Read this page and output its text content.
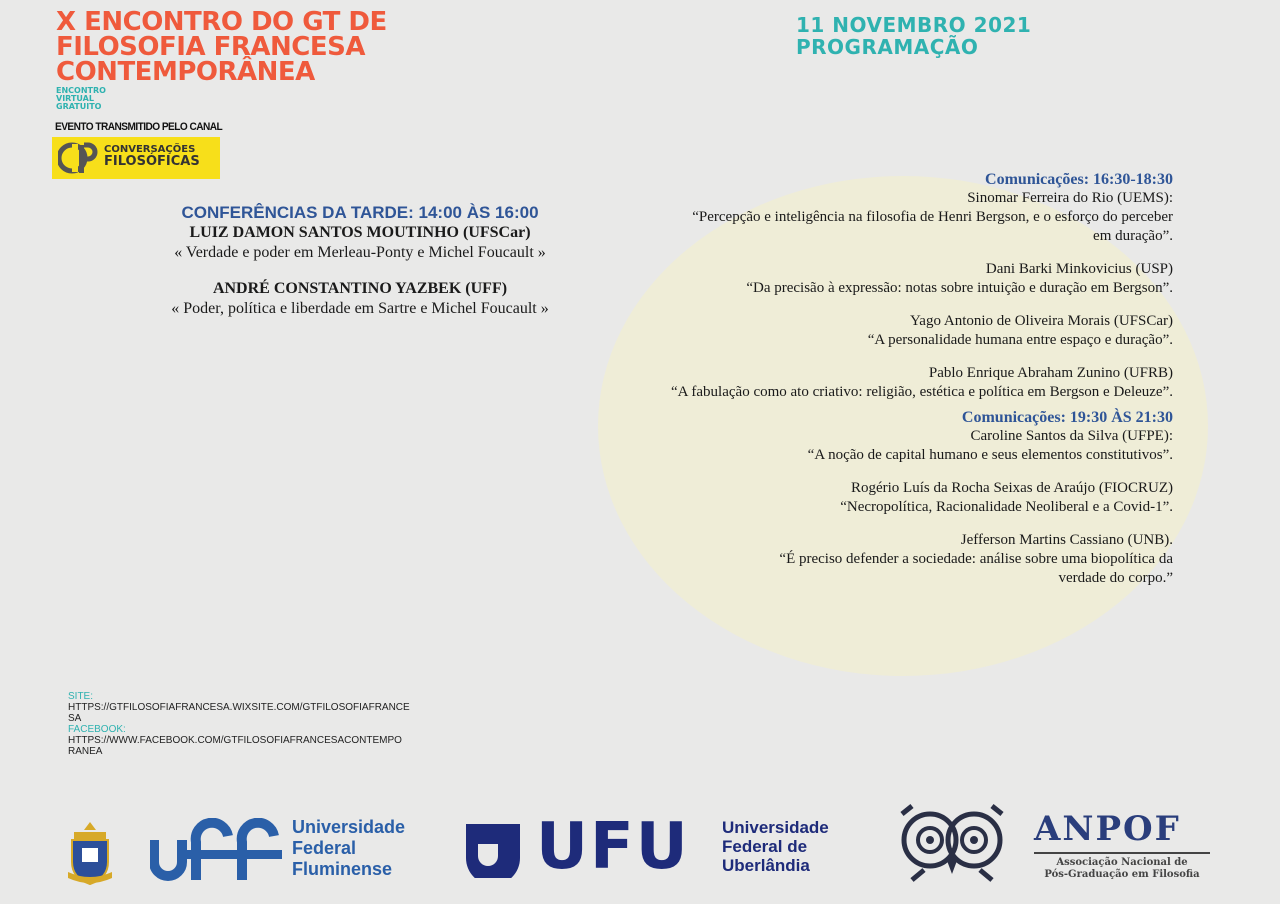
X ENCONTRO DO GT DE
FILOSOFIA FRANCESA
CONTEMPORÂNEA
ENCONTRO
VIRTUAL
GRATUITO
EVENTO TRANSMITIDO PELO CANAL
CONVERSAÇÕES
FILOSÓFICAS
11 NOVEMBRO 2021
PROGRAMAÇÃO
CONFERÊNCIAS DA TARDE: 14:00 ÀS 16:00
LUIZ DAMON SANTOS MOUTINHO (UFSCar)
« Verdade e poder em Merleau-Ponty e Michel Foucault »
ANDRÉ CONSTANTINO YAZBEK (UFF)
« Poder, política e liberdade em Sartre e Michel Foucault »
Comunicações: 16:30-18:30
Sinomar Ferreira do Rio (UEMS):
“Percepção e inteligência na filosofia de Henri Bergson, e o esforço do perceber em duração”.
Dani Barki Minkovicius (USP)
“Da precisão à expressão: notas sobre intuição e duração em Bergson”.
Yago Antonio de Oliveira Morais (UFSCar)
“A personalidade humana entre espaço e duração”.
Pablo Enrique Abraham Zunino (UFRB)
“A fabulação como ato criativo: religião, estética e política em Bergson e Deleuze”.
Comunicações: 19:30 ÀS 21:30
Caroline Santos da Silva (UFPE):
“A noção de capital humano e seus elementos constitutivos”.
Rogério Luís da Rocha Seixas de Araújo (FIOCRUZ)
“Necropolítica, Racionalidade Neoliberal e a Covid-1”.
Jefferson Martins Cassiano (UNB).
“É preciso defender a sociedade: análise sobre uma biopolítica da verdade do corpo.”
SITE:
HTTPS://GTFILOSOFIAFRANCESA.WIXSITE.COM/GTFILOSOFIAFRANCE
SA
FACEBOOK:
HTTPS://WWW.FACEBOOK.COM/GTFILOSOFIAFRANCESACONTEMPO
RANEA
Universidade
Federal
Fluminense UFU Universidade
Federal de
Uberlândia
ANPOF
Associação Nacional de
Pós-Graduação em Filosofia
